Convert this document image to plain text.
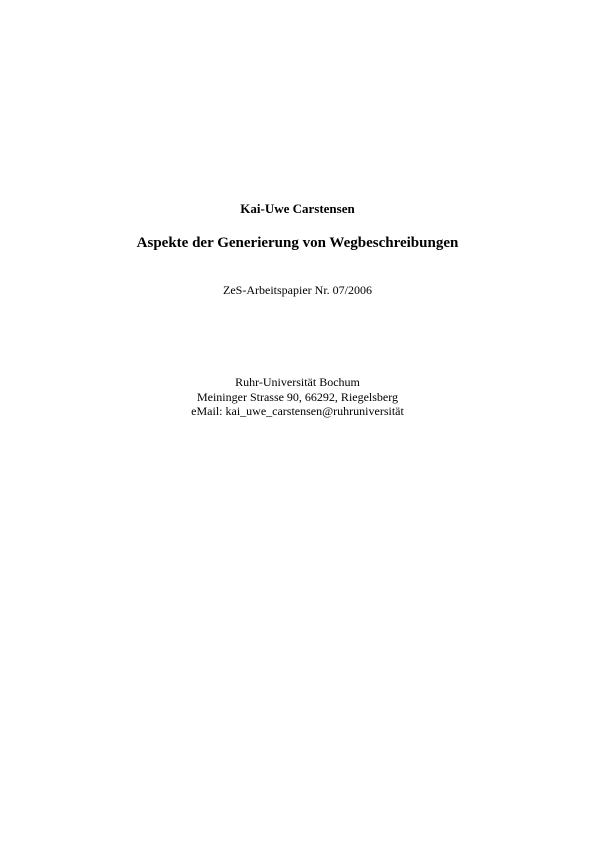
Kai-Uwe Carstensen
Aspekte der Generierung von Wegbeschreibungen
ZeS-Arbeitspapier Nr. 07/2006
Ruhr-Universität Bochum
Meininger Strasse 90, 66292, Riegelsberg
eMail: kai_uwe_carstensen@ruhruniversität
